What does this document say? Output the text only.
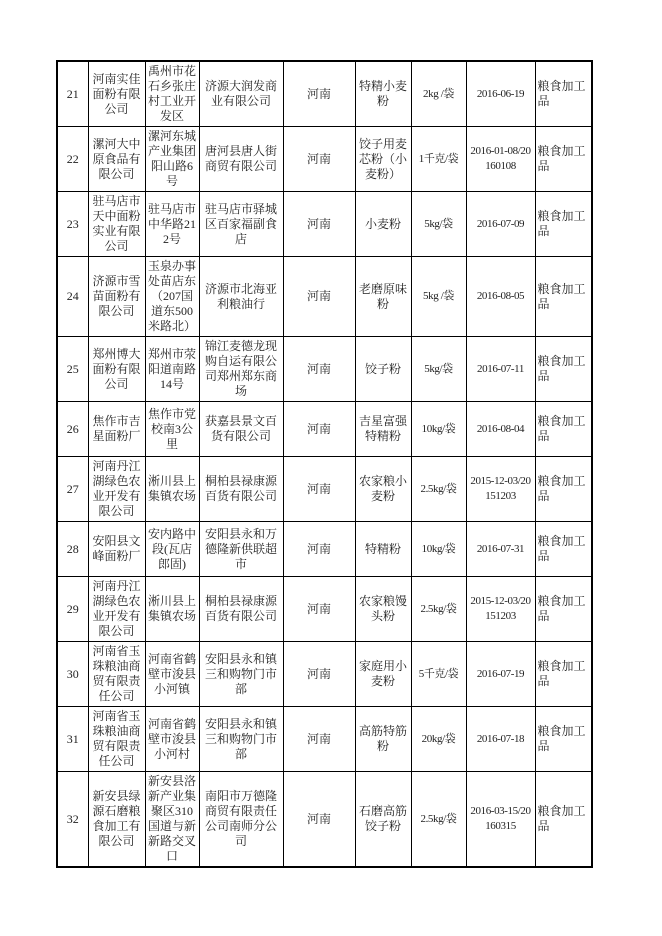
21	河南实佳面粉有限公司	禹州市花石乡张庄村工业开发区	济源大润发商业有限公司	河南	特精小麦粉	2kg /袋	2016-06-19	粮食加工品
22	漯河大中原食品有限公司	漯河东城产业集团阳山路6号	唐河县唐人街商贸有限公司	河南	饺子用麦芯粉（小麦粉）	1千克/袋	2016-01-08/20160108	粮食加工品
23	驻马店市天中面粉实业有限公司	驻马店市中华路212号	驻马店市驿城区百家福副食店	河南	小麦粉	5kg/袋	2016-07-09	粮食加工品
24	济源市雪苗面粉有限公司	玉泉办事处苗店东（207国道东500米路北）	济源市北海亚利粮油行	河南	老磨原味粉	5kg /袋	2016-08-05	粮食加工品
25	郑州博大面粉有限公司	郑州市荥阳道南路14号	锦江麦德龙现购自运有限公司郑州郑东商场	河南	饺子粉	5kg/袋	2016-07-11	粮食加工品
26	焦作市吉星面粉厂	焦作市党校南3公里	获嘉县景文百货有限公司	河南	吉星富强特精粉	10kg/袋	2016-08-04	粮食加工品
27	河南丹江湖绿色农业开发有限公司	淅川县上集镇农场	桐柏县禄康源百货有限公司	河南	农家粮小麦粉	2.5kg/袋	2015-12-03/20151203	粮食加工品
28	安阳县文峰面粉厂	安内路中段(瓦店郎固)	安阳县永和万德隆新供联超市	河南	特精粉	10kg/袋	2016-07-31	粮食加工品
29	河南丹江湖绿色农业开发有限公司	淅川县上集镇农场	桐柏县禄康源百货有限公司	河南	农家粮馒头粉	2.5kg/袋	2015-12-03/20151203	粮食加工品
30	河南省玉珠粮油商贸有限责任公司	河南省鹤壁市浚县小河镇	安阳县永和镇三和购物门市部	河南	家庭用小麦粉	5千克/袋	2016-07-19	粮食加工品
31	河南省玉珠粮油商贸有限责任公司	河南省鹤壁市浚县小河村	安阳县永和镇三和购物门市部	河南	高筋特筋粉	20kg/袋	2016-07-18	粮食加工品
32	新安县绿源石磨粮食加工有限公司	新安县洛新产业集聚区310国道与新新路交叉口	南阳市万德隆商贸有限责任公司南师分公司	河南	石磨高筋饺子粉	2.5kg/袋	2016-03-15/20160315	粮食加工品
